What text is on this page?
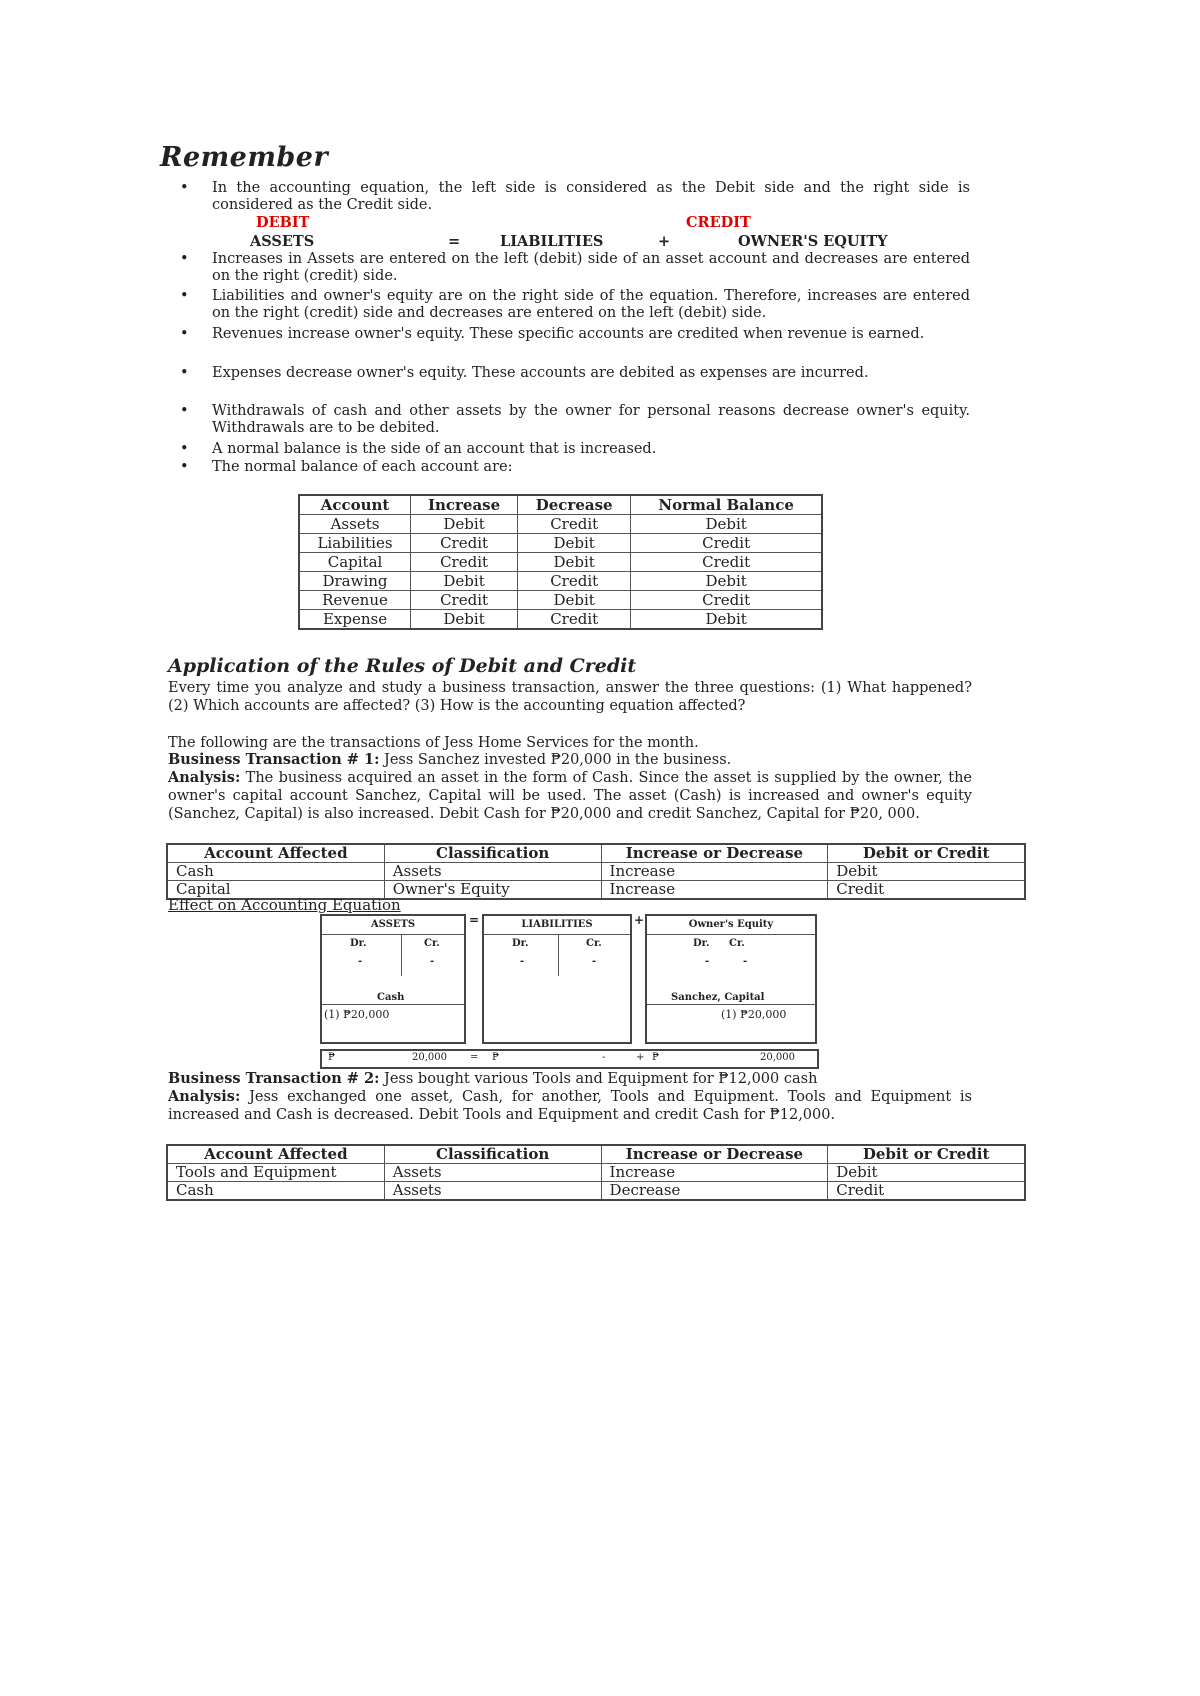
Remember
• In the accounting equation, the left side is considered as the Debit side and the right side is considered as the Credit side.
DEBIT	CREDIT
ASSETS	=	LIABILITIES	+	OWNER'S EQUITY
• Increases in Assets are entered on the left (debit) side of an asset account and decreases are entered on the right (credit) side.
• Liabilities and owner's equity are on the right side of the equation. Therefore, increases are entered on the right (credit) side and decreases are entered on the left (debit) side.
• Revenues increase owner's equity. These specific accounts are credited when revenue is earned.
• Expenses decrease owner's equity. These accounts are debited as expenses are incurred.
• Withdrawals of cash and other assets by the owner for personal reasons decrease owner's equity. Withdrawals are to be debited.
• A normal balance is the side of an account that is increased.
• The normal balance of each account are:
Account	Increase	Decrease	Normal Balance
Assets	Debit	Credit	Debit
Liabilities	Credit	Debit	Credit
Capital	Credit	Debit	Credit
Drawing	Debit	Credit	Debit
Revenue	Credit	Debit	Credit
Expense	Debit	Credit	Debit
Application of the Rules of Debit and Credit
Every time you analyze and study a business transaction, answer the three questions: (1) What happened? (2) Which accounts are affected? (3) How is the accounting equation affected?
The following are the transactions of Jess Home Services for the month.
Business Transaction # 1: Jess Sanchez invested ₱20,000 in the business.
Analysis: The business acquired an asset in the form of Cash. Since the asset is supplied by the owner, the owner's capital account Sanchez, Capital will be used. The asset (Cash) is increased and owner's equity (Sanchez, Capital) is also increased. Debit Cash for ₱20,000 and credit Sanchez, Capital for ₱20, 000.
Account Affected	Classification	Increase or Decrease	Debit or Credit
Cash	Assets	Increase	Debit
Capital	Owner's Equity	Increase	Credit
Effect on Accounting Equation
ASSETS
Dr.	Cr.
-	-
Cash
(1) ₱20,000
=	LIABILITIES
Dr.	Cr.
-	-
+	Owner's Equity
Dr. Cr.
-	-
Sanchez, Capital
(1) ₱20,000
₱	20,000 = ₱	-	+ ₱	20,000
Business Transaction # 2: Jess bought various Tools and Equipment for ₱12,000 cash
Analysis: Jess exchanged one asset, Cash, for another, Tools and Equipment. Tools and Equipment is increased and Cash is decreased. Debit Tools and Equipment and credit Cash for ₱12,000.
Account Affected	Classification	Increase or Decrease	Debit or Credit
Tools and Equipment	Assets	Increase	Debit
Cash	Assets	Decrease	Credit
